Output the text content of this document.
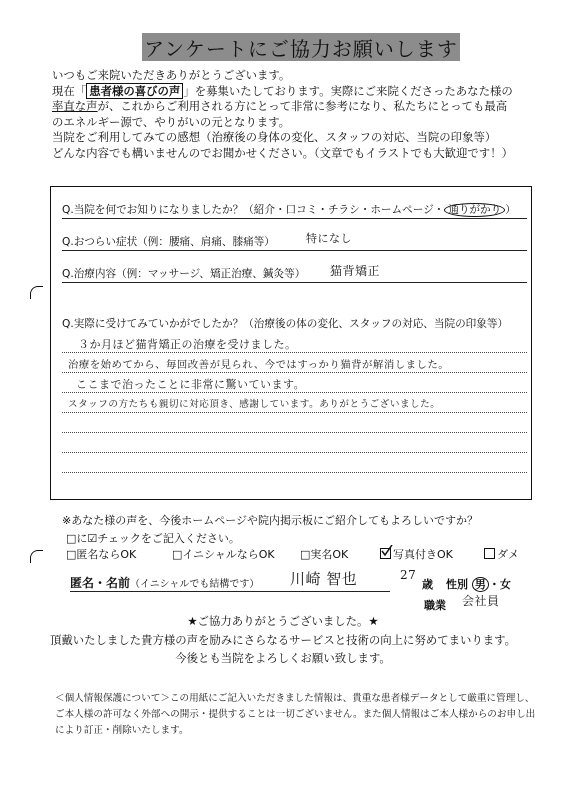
アンケートにご協力お願いします
いつもご来院いただきありがとうございます。
現在「 患者様の喜びの声 」を募集いたしております。実際にご来院くださったあなた様の
率直な声が、これからご利用される方にとって非常に参考になり、私たちにとっても最高
のエネルギー源で、やりがいの元となります。
当院をご利用してみての感想（治療後の身体の変化、スタッフの対応、当院の印象等）
どんな内容でも構いませんのでお聞かせください。（文章でもイラストでも大歓迎です！）
Q.当院を何でお知りになりましたか？（紹介・口コミ・チラシ・ホームページ・ 通りがかり ）
Q.おつらい症状（例：腰痛、肩痛、膝痛等）	特になし
Q.治療内容（例：マッサージ、矯正治療、鍼灸等） 猫背矯正
Q.実際に受けてみていかがでしたか？（治療後の体の変化、スタッフの対応、当院の印象等）
３か月ほど猫背矯正の治療を受けました。
治療を始めてから、毎回改善が見られ、今ではすっかり猫背が解消しました。
ここまで治ったことに非常に驚いています。
スタッフの方たちも親切に対応頂き、感謝しています。ありがとうございました。
※あなた様の声を、今後ホームページや院内掲示板にご紹介してもよろしいですか？
□に☑チェックをご記入ください。
□匿名ならOK	□イニシャルならOK □実名OK	写真付きOK	ダメ
匿名・名前（イニシャルでも結構です） 川崎 智也	27
歳 性別 男 ・女
職業 会社員
★ご協力ありがとうございました。★
頂戴いたしました貴方様の声を励みにさらなるサービスと技術の向上に努めてまいります。
今後とも当院をよろしくお願い致します。
＜個人情報保護について＞この用紙にご記入いただきました情報は、貴重な患者様データとして厳重に管理し、
ご本人様の許可なく外部への開示・提供することは一切ございません。また個人情報はご本人様からのお申し出
により訂正・削除いたします。
